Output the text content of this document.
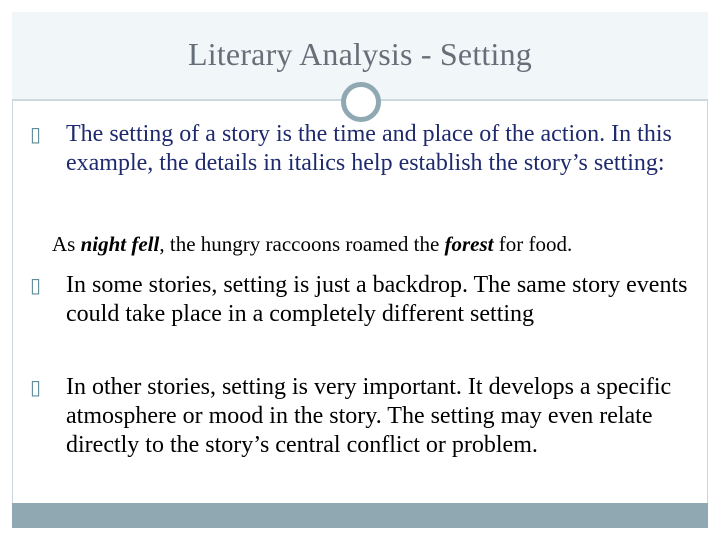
Literary Analysis - Setting
▯ The setting of a story is the time and place of the action. In this example, the details in italics help establish the story’s setting:
As night fell, the hungry raccoons roamed the forest for food.
▯ In some stories, setting is just a backdrop. The same story events could take place in a completely different setting
▯ In other stories, setting is very important. It develops a specific atmosphere or mood in the story. The setting may even relate directly to the story’s central conflict or problem.
